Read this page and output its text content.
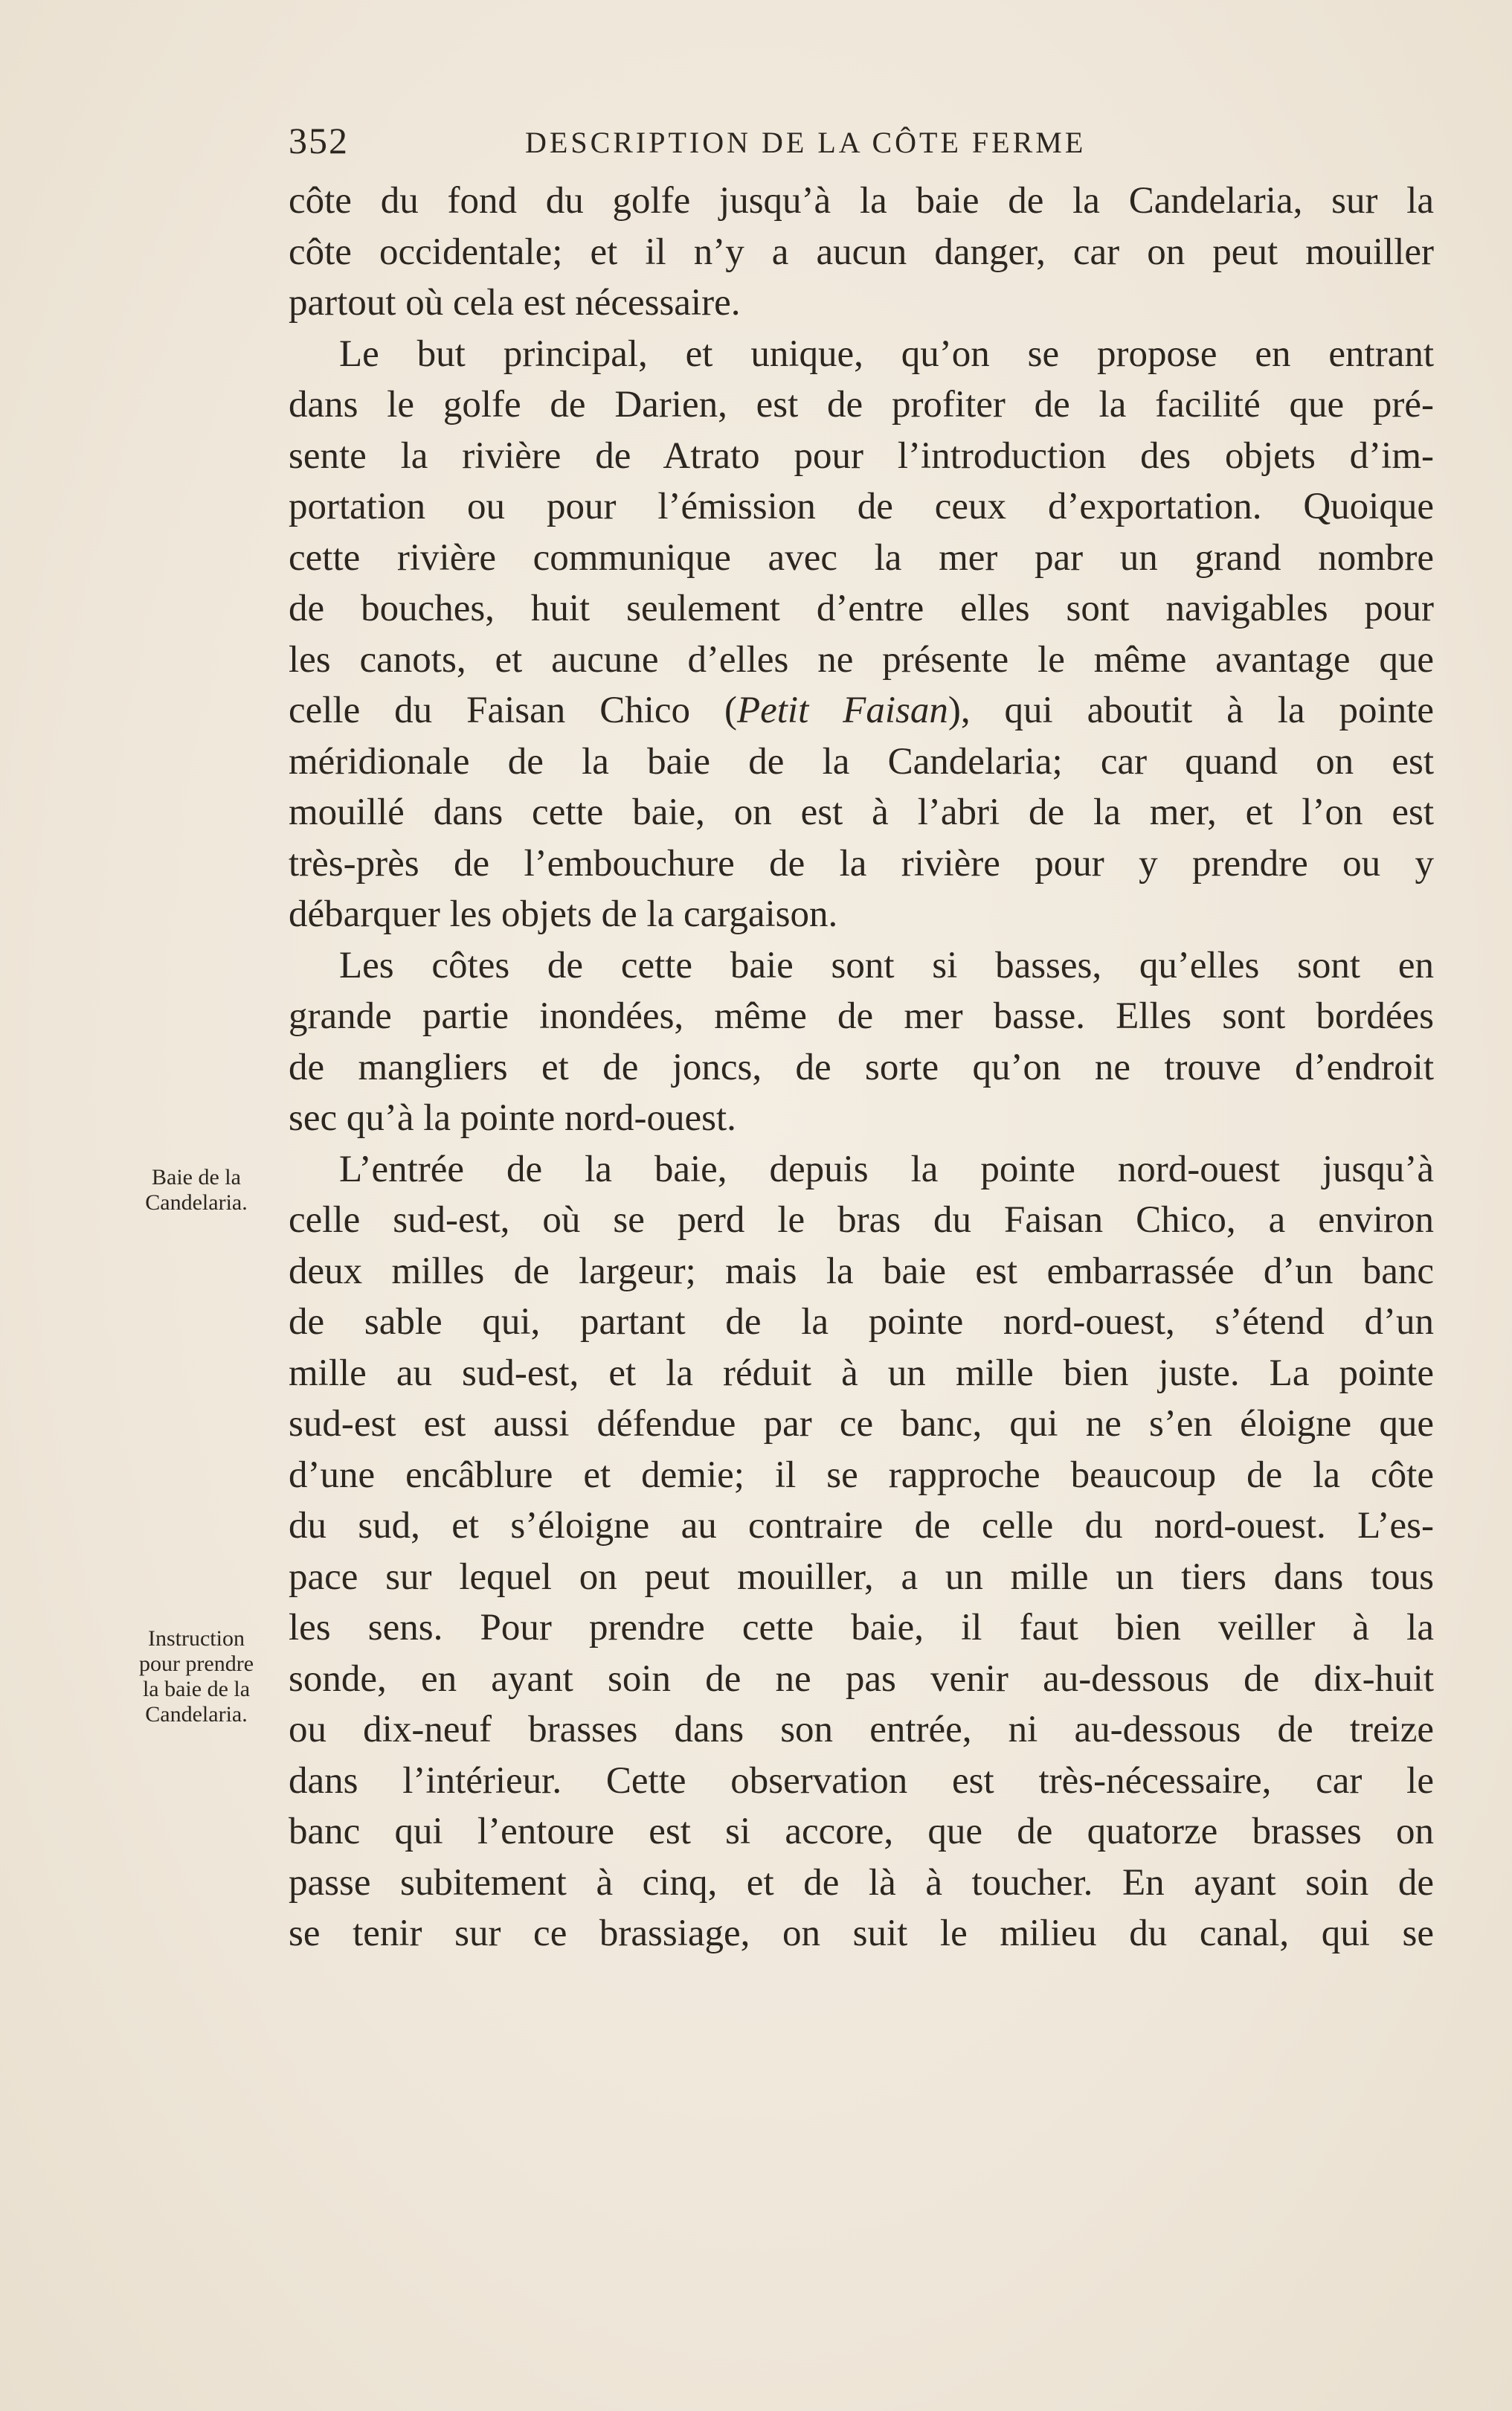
352	DESCRIPTION DE LA CÔTE FERME
Baie de la
Candelaria.
Instruction
pour prendre
la baie de la
Candelaria.
côte du fond du golfe jusqu’à la baie de la Candelaria, sur la
côte occidentale; et il n’y a aucun danger, car on peut mouiller
partout où cela est nécessaire.
Le but principal, et unique, qu’on se propose en entrant
dans le golfe de Darien, est de profiter de la facilité que pré-
sente la rivière de Atrato pour l’introduction des objets d’im-
portation ou pour l’émission de ceux d’exportation. Quoique
cette rivière communique avec la mer par un grand nombre
de bouches, huit seulement d’entre elles sont navigables pour
les canots, et aucune d’elles ne présente le même avantage que
celle du Faisan Chico (Petit Faisan), qui aboutit à la pointe
méridionale de la baie de la Candelaria; car quand on est
mouillé dans cette baie, on est à l’abri de la mer, et l’on est
très-près de l’embouchure de la rivière pour y prendre ou y
débarquer les objets de la cargaison.
Les côtes de cette baie sont si basses, qu’elles sont en
grande partie inondées, même de mer basse. Elles sont bordées
de mangliers et de joncs, de sorte qu’on ne trouve d’endroit
sec qu’à la pointe nord-ouest.
L’entrée de la baie, depuis la pointe nord-ouest jusqu’à
celle sud-est, où se perd le bras du Faisan Chico, a environ
deux milles de largeur; mais la baie est embarrassée d’un banc
de sable qui, partant de la pointe nord-ouest, s’étend d’un
mille au sud-est, et la réduit à un mille bien juste. La pointe
sud-est est aussi défendue par ce banc, qui ne s’en éloigne que
d’une encâblure et demie; il se rapproche beaucoup de la côte
du sud, et s’éloigne au contraire de celle du nord-ouest. L’es-
pace sur lequel on peut mouiller, a un mille un tiers dans tous
les sens. Pour prendre cette baie, il faut bien veiller à la
sonde, en ayant soin de ne pas venir au-dessous de dix-huit
ou dix-neuf brasses dans son entrée, ni au-dessous de treize
dans l’intérieur. Cette observation est très-nécessaire, car le
banc qui l’entoure est si accore, que de quatorze brasses on
passe subitement à cinq, et de là à toucher. En ayant soin de
se tenir sur ce brassiage, on suit le milieu du canal, qui se
